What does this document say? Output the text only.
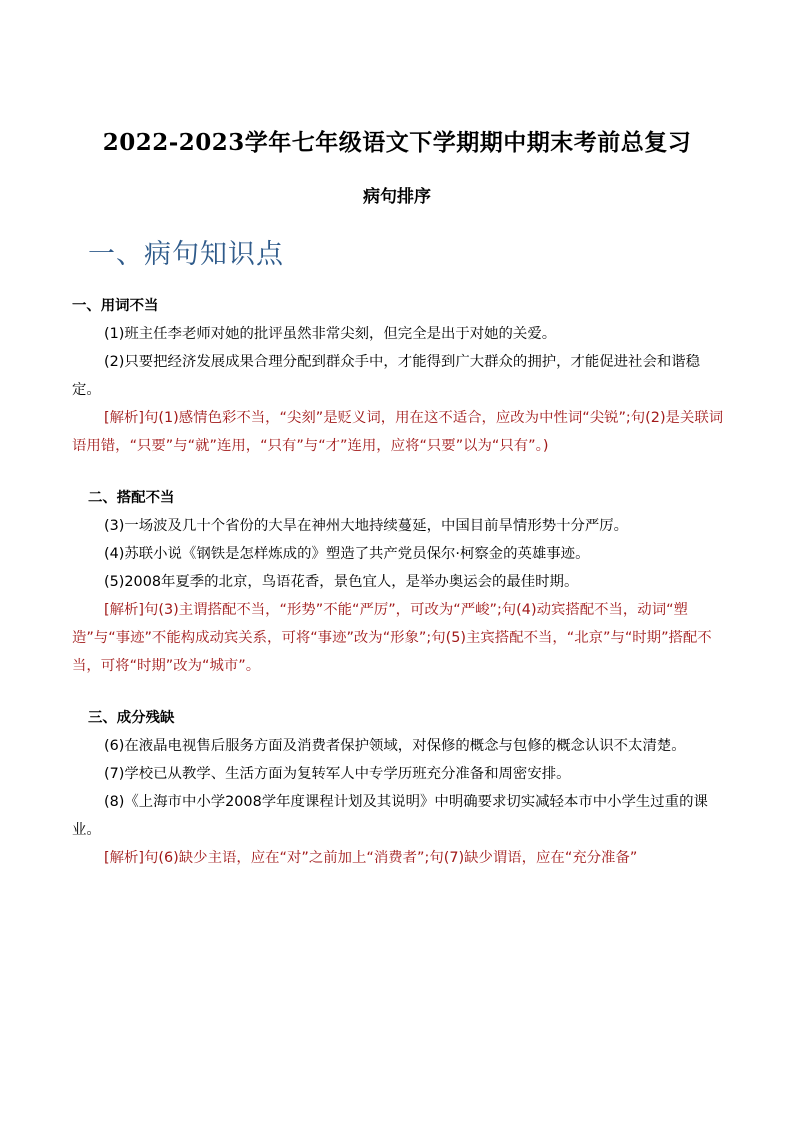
2022-2023学年七年级语文下学期期中期末考前总复习
病句排序
一、病句知识点
一、用词不当

(1)班主任李老师对她的批评虽然非常尖刻，但完全是出于对她的关爱。

(2)只要把经济发展成果合理分配到群众手中，才能得到广大群众的拥护，才能促进社会和谐稳定。

[解析]句(1)感情色彩不当，“尖刻”是贬义词，用在这不适合，应改为中性词“尖锐”;句(2)是关联词语用错，“只要”与“就”连用，“只有”与“才”连用，应将“只要”以为“只有”。)

二、搭配不当

(3)一场波及几十个省份的大旱在神州大地持续蔓延，中国目前旱情形势十分严厉。

(4)苏联小说《钢铁是怎样炼成的》塑造了共产党员保尔·柯察金的英雄事迹。

(5)2008年夏季的北京，鸟语花香，景色宜人，是举办奥运会的最佳时期。

[解析]句(3)主谓搭配不当，“形势”不能“严厉”，可改为“严峻”;句(4)动宾搭配不当，动词“塑造”与“事迹”不能构成动宾关系，可将“事迹”改为“形象”;句(5)主宾搭配不当，“北京”与“时期”搭配不当，可将“时期”改为“城市”。

三、成分残缺

(6)在液晶电视售后服务方面及消费者保护领域，对保修的概念与包修的概念认识不太清楚。

(7)学校已从教学、生活方面为复转军人中专学历班充分准备和周密安排。

(8)《上海市中小学2008学年度课程计划及其说明》中明确要求切实减轻本市中小学生过重的课业。

[解析]句(6)缺少主语，应在“对”之前加上“消费者”;句(7)缺少谓语，应在“充分准备”
